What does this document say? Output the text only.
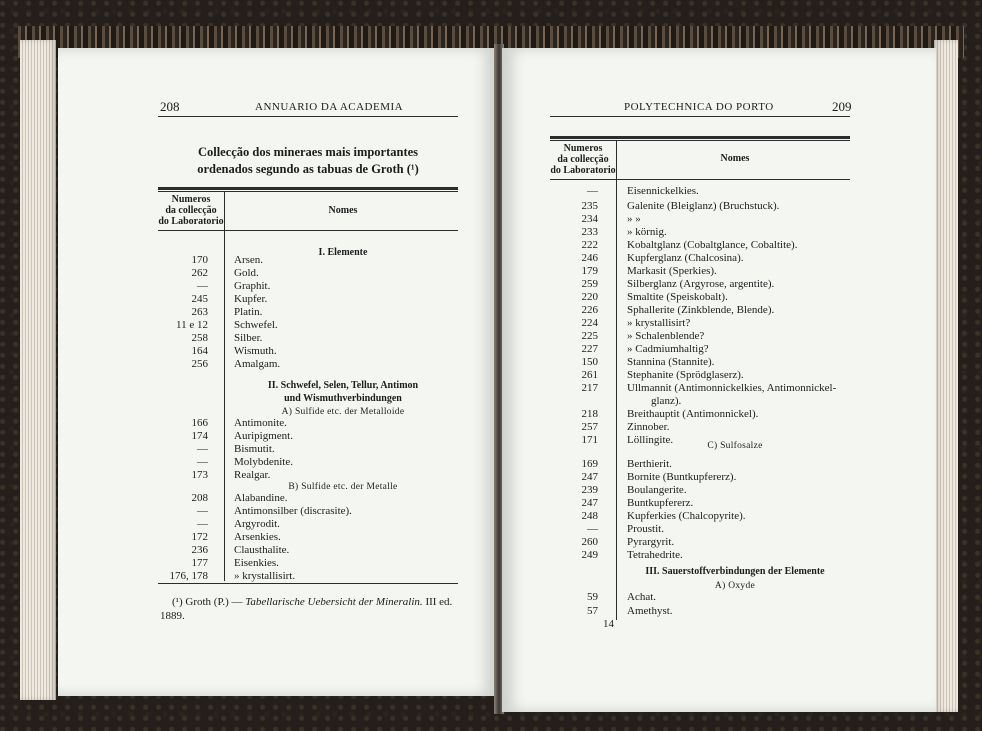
208	ANNUARIO DA ACADEMIA
Collecção dos mineraes mais importantes
ordenados segundo as tabuas de Groth (¹)
Numeros
da collecção
do Laboratorio
Nomes
I. Elemente
II. Schwefel, Selen, Tellur, Antimon
und Wismuthverbindungen
A) Sulfide etc. der Metalloide
B) Sulfide etc. der Metalle
170 Arsen.
262 Gold.
— Graphit.
245 Kupfer.
263 Platin.
11 e 12 Schwefel.
258 Silber.
164 Wismuth.
256 Amalgam.
166 Antimonite.
174 Auripigment.
— Bismutit.
— Molybdenite.
173 Realgar.
208 Alabandine.
— Antimonsilber (discrasite).
— Argyrodit.
172 Arsenkies.
236 Clausthalite.
177 Eisenkies.
176, 178 » krystallisirt.
(¹) Groth (P.) — Tabellarische Uebersicht der Mineralin. III ed.
1889.
POLYTECHNICA DO PORTO	209
Numeros
da collecção
do Laboratorio
Nomes
C) Sulfosalze
III. Sauerstoffverbindungen der Elemente
A) Oxyde
—	Eisennickelkies.
235	Galenite (Bleiglanz) (Bruchstuck).
234	» »
233	» körnig.
222	Kobaltglanz (Cobaltglance, Cobaltite).
246	Kupferglanz (Chalcosina).
179	Markasit (Sperkies).
259	Silberglanz (Argyrose, argentite).
220	Smaltite (Speiskobalt).
226	Sphallerite (Zinkblende, Blende).
224	» krystallisirt?
225	» Schalenblende?
227	» Cadmiumhaltig?
150	Stannina (Stannite).
261	Stephanite (Sprödglaserz).
217	Ullmannit (Antimonnickelkies, Antimonnickel-
glanz).
218	Breithauptit (Antimonnickel).
257	Zinnober.
171	Löllingite.
169	Berthierit.
247	Bornite (Buntkupfererz).
239	Boulangerite.
247	Buntkupfererz.
248	Kupferkies (Chalcopyrite).
—	Proustit.
260	Pyrargyrit.
249	Tetrahedrite.
59	Achat.
57	Amethyst.
14
